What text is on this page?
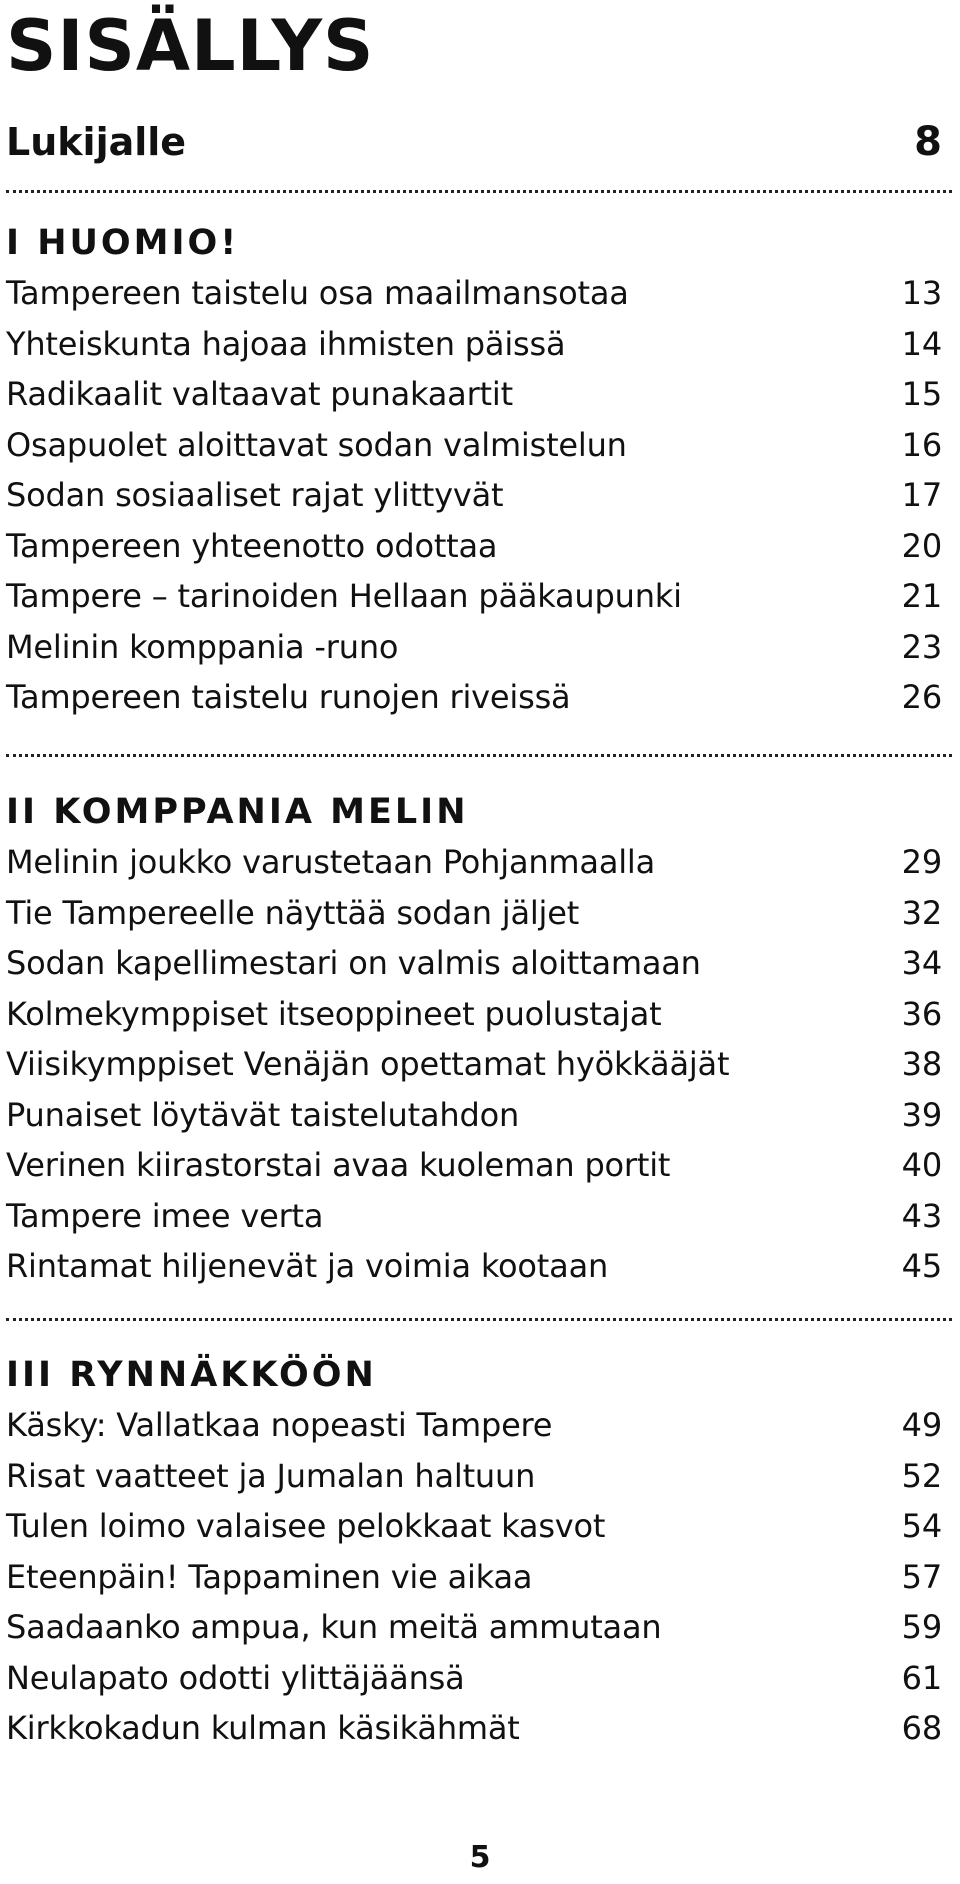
SISÄLLYS
Lukijalle	8
I HUOMIO!
Tampereen taistelu osa maailmansotaa	13
Yhteiskunta hajoaa ihmisten päissä	14
Radikaalit valtaavat punakaartit	15
Osapuolet aloittavat sodan valmistelun	16
Sodan sosiaaliset rajat ylittyvät	17
Tampereen yhteenotto odottaa	20
Tampere – tarinoiden Hellaan pääkaupunki	21
Melinin komppania -runo	23
Tampereen taistelu runojen riveissä	26
II KOMPPANIA MELIN
Melinin joukko varustetaan Pohjanmaalla	29
Tie Tampereelle näyttää sodan jäljet	32
Sodan kapellimestari on valmis aloittamaan	34
Kolmekymppiset itseoppineet puolustajat	36
Viisikymppiset Venäjän opettamat hyökkääjät	38
Punaiset löytävät taistelutahdon	39
Verinen kiirastorstai avaa kuoleman portit	40
Tampere imee verta	43
Rintamat hiljenevät ja voimia kootaan	45
III RYNNÄKKÖÖN
Käsky: Vallatkaa nopeasti Tampere	49
Risat vaatteet ja Jumalan haltuun	52
Tulen loimo valaisee pelokkaat kasvot	54
Eteenpäin! Tappaminen vie aikaa	57
Saadaanko ampua, kun meitä ammutaan	59
Neulapato odotti ylittäjäänsä	61
Kirkkokadun kulman käsikähmät	68
5
